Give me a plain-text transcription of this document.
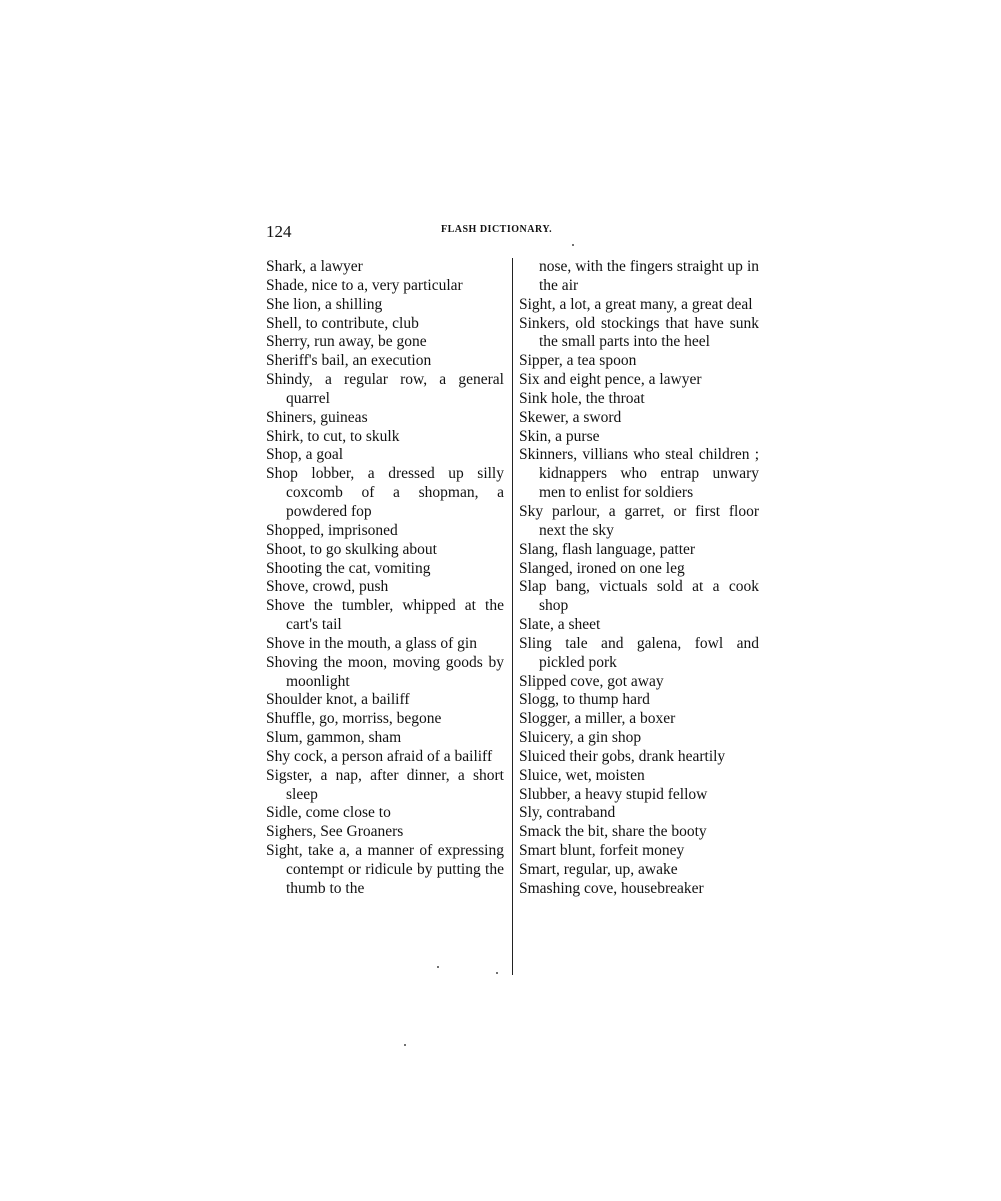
124	FLASH DICTIONARY.
Shark, a lawyer
Shade, nice to a, very particular
She lion, a shilling
Shell, to contribute, club
Sherry, run away, be gone
Sheriff's bail, an execution
Shindy, a regular row, a general quarrel
Shiners, guineas
Shirk, to cut, to skulk
Shop, a goal
Shop lobber, a dressed up silly coxcomb of a shopman, a powdered fop
Shopped, imprisoned
Shoot, to go skulking about
Shooting the cat, vomiting
Shove, crowd, push
Shove the tumbler, whipped at the cart's tail
Shove in the mouth, a glass of gin
Shoving the moon, moving goods by moonlight
Shoulder knot, a bailiff
Shuffle, go, morriss, begone
Slum, gammon, sham
Shy cock, a person afraid of a bailiff
Sigster, a nap, after dinner, a short sleep
Sidle, come close to
Sighers, See Groaners
Sight, take a, a manner of expressing contempt or ridicule by putting the thumb to the
nose, with the fingers straight up in the air
Sight, a lot, a great many, a great deal
Sinkers, old stockings that have sunk the small parts into the heel
Sipper, a tea spoon
Six and eight pence, a lawyer
Sink hole, the throat
Skewer, a sword
Skin, a purse
Skinners, villians who steal children ; kidnappers who entrap unwary men to enlist for soldiers
Sky parlour, a garret, or first floor next the sky
Slang, flash language, patter
Slanged, ironed on one leg
Slap bang, victuals sold at a cook shop
Slate, a sheet
Sling tale and galena, fowl and pickled pork
Slipped cove, got away
Slogg, to thump hard
Slogger, a miller, a boxer
Sluicery, a gin shop
Sluiced their gobs, drank heartily
Sluice, wet, moisten
Slubber, a heavy stupid fellow
Sly, contraband
Smack the bit, share the booty
Smart blunt, forfeit money
Smart, regular, up, awake
Smashing cove, housebreaker
